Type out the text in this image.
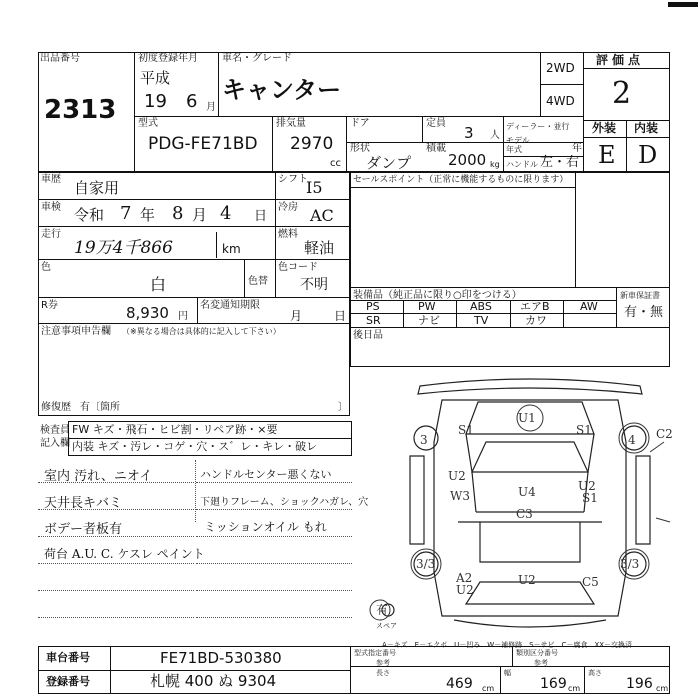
出品番号
2313
初度登録年月
平成
19 6 月
車名・グレード
キャンター
2WD
4WD
評価点
2
外装 内装
E D
型式
PDG-FE71BD
排気量
2970
cc
ドア	定員
3 人
ディーラー・並行
モデル
年式	年
形状
ダンプ
積載
2000 kg ハンドル 左・右
車歴 自家用
車検 令和 7 年 8 月 4 日
走行
19万4千866	km
色
白	色替
シフト
I5
冷房 AC
燃料
軽油
色コード
不明
R券	8,930 円
名変通知期限
月	日
注意事項申告欄 （※異なる場合は具体的に記入して下さい）
修復歴 有〔箇所	〕
セールスポイント（正常に機能するものに限ります）
装備品（純正品に限り○印をつける）	新車保証書
有・無
PS	PW	ABS	エアB	AW
SR	ナビ	TV	カワ
後日品
検査員
記入欄
FW キズ・飛石・ヒビ割・リペア跡・×要
内装 キズ・汚レ・コゲ・穴・ス゛レ・キレ・破レ
室内 汚れ、ニオイ
天井長キバミ
ボデー者板有
荷台 A.U. C. ケスレ ペイント
ハンドルセンター悪くない
下廻りフレーム、ショックハガレ、穴
ミッションオイル もれ
U1
S1	S1
3	4 C2
U2
W3	U4	U2
S1
C3
3/3	3/3
A2
U2
U2	C5
有
スペア
A－キズ　E－エクボ　U－凹み　W－補修跡　S－サビ　C－腐食　XX－交換済
車台番号	FE71BD-530380
登録番号	札幌 400 ぬ 9304
型式指定番号
参考
類別区分番号
参考
長さ
469 cm
幅
169 cm
高さ
196 cm
